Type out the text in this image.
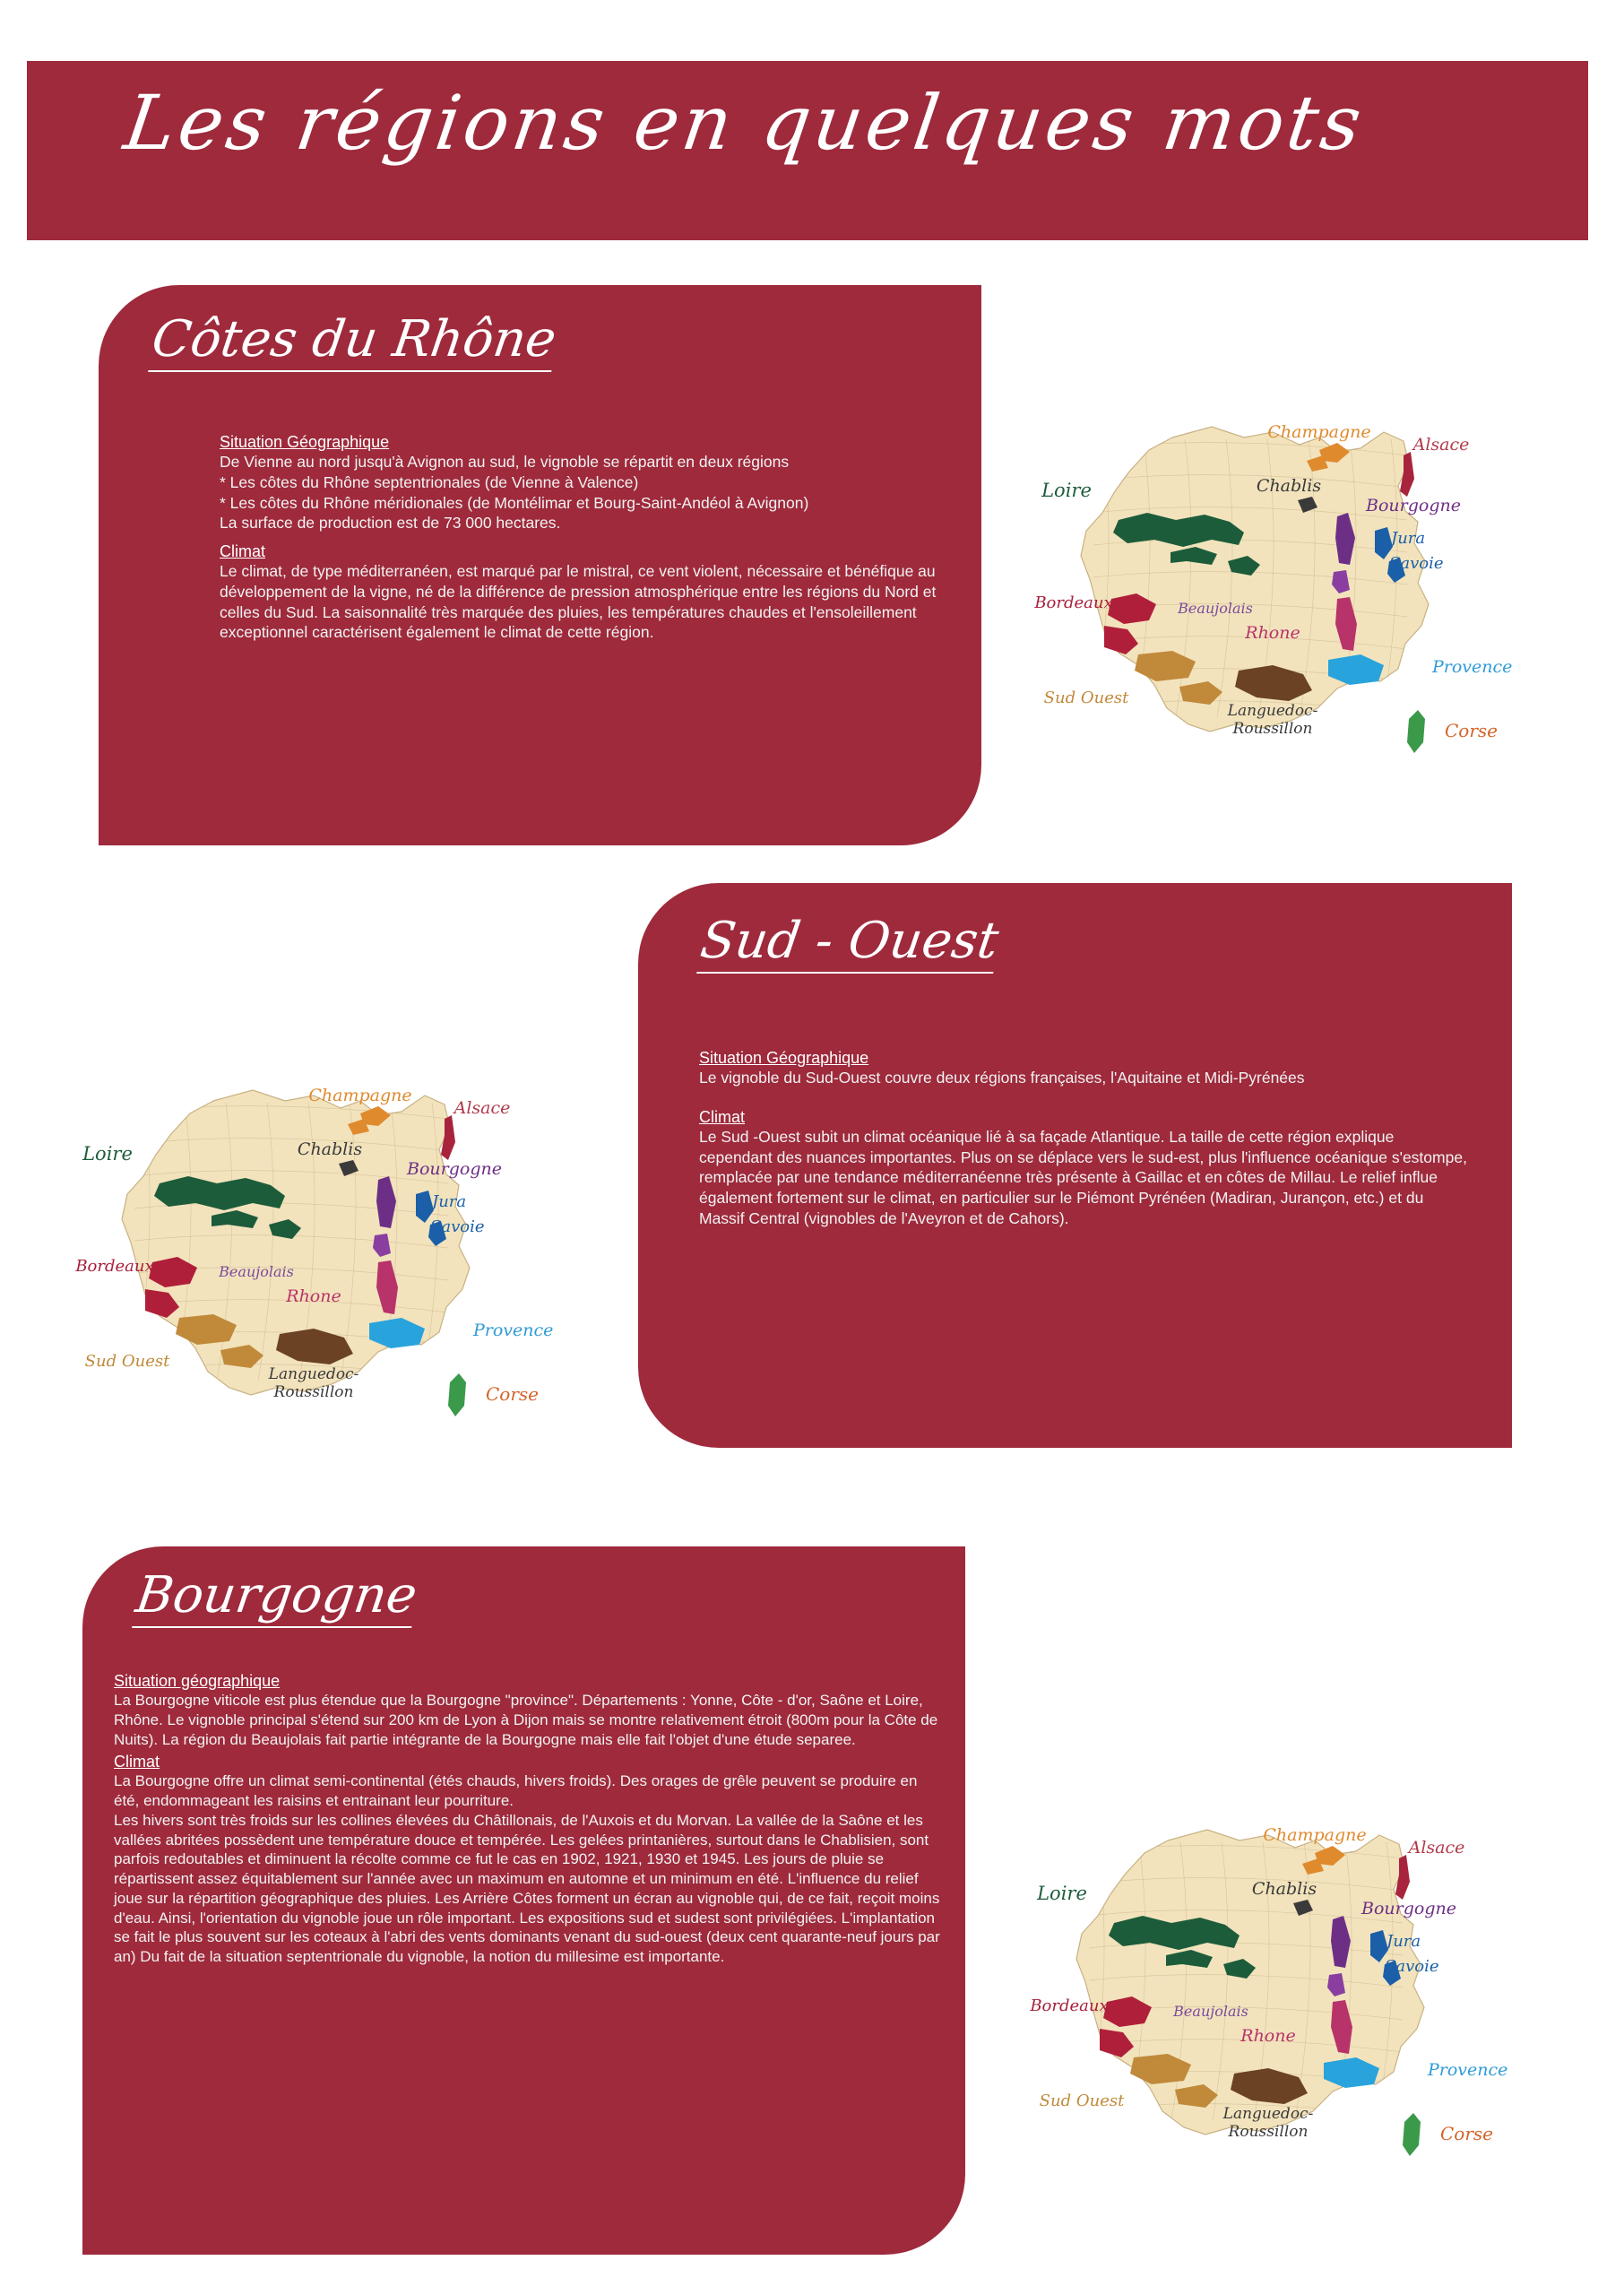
Les régions en quelques mots
Côtes du Rhône
Situation Géographique

De Vienne au nord jusqu'à Avignon au sud, le vignoble se répartit en deux régions

* Les côtes du Rhône septentrionales (de Vienne à Valence)

* Les côtes du Rhône méridionales (de Montélimar et Bourg-Saint-Andéol à Avignon)

La surface de production est de 73 000 hectares.

Climat

Le climat, de type méditerranéen, est marqué par le mistral, ce vent violent, nécessaire et bénéfique au développement de la vigne, né de la différence de pression atmosphérique entre les régions du Nord et celles du Sud. La saisonnalité très marquée des pluies, les températures chaudes et l'ensoleillement exceptionnel caractérisent également le climat de cette région.

Champagne
Alsace
Chablis
Loire
Bourgogne
Jura
Savoie
Bordeaux	Beaujolais
Rhone
Sud Ouest
Languedoc-Roussillon
Provence
Corse
Sud - Ouest
Situation Géographique

Le vignoble du Sud-Ouest couvre deux régions françaises, l'Aquitaine et Midi-Pyrénées

Climat

Le Sud -Ouest subit un climat océanique lié à sa façade Atlantique. La taille de cette région explique cependant des nuances importantes. Plus on se déplace vers le sud-est, plus l'influence océanique s'estompe, remplacée par une tendance méditerranéenne très présente à Gaillac et en côtes de Millau. Le relief influe également fortement sur le climat, en particulier sur le Piémont Pyrénéen (Madiran, Jurançon, etc.) et du Massif Central (vignobles de l'Aveyron et de Cahors).

Champagne
Alsace
Chablis
Loire
Bourgogne
Jura
Savoie
Bordeaux	Beaujolais
Rhone
Sud Ouest
Languedoc-Roussillon
Provence
Corse
Bourgogne
Situation géographique

La Bourgogne viticole est plus étendue que la Bourgogne "province". Départements : Yonne, Côte - d'or, Saône et Loire, Rhône. Le vignoble principal s'étend sur 200 km de Lyon à Dijon mais se montre relativement étroit (800m pour la Côte de Nuits). La région du Beaujolais fait partie intégrante de la Bourgogne mais elle fait l'objet d'une étude separee.

Climat

La Bourgogne offre un climat semi-continental (étés chauds, hivers froids). Des orages de grêle peuvent se produire en été, endommageant les raisins et entrainant leur pourriture.

Les hivers sont très froids sur les collines élevées du Châtillonais, de l'Auxois et du Morvan. La vallée de la Saône et les vallées abritées possèdent une température douce et tempérée. Les gelées printanières, surtout dans le Chablisien, sont parfois redoutables et diminuent la récolte comme ce fut le cas en 1902, 1921, 1930 et 1945. Les jours de pluie se répartissent assez équitablement sur l'année avec un maximum en automne et un minimum en été. L'influence du relief joue sur la répartition géographique des pluies. Les Arrière Côtes forment un écran au vignoble qui, de ce fait, reçoit moins d'eau. Ainsi, l'orientation du vignoble joue un rôle important. Les expositions sud et sudest sont privilégiées. L'implantation se fait le plus souvent sur les coteaux à l'abri des vents dominants venant du sud-ouest (deux cent quarante-neuf jours par an) Du fait de la situation septentrionale du vignoble, la notion du millesime est importante.

Champagne
Alsace
Chablis
Loire
Bourgogne
Jura
Savoie
Bordeaux	Beaujolais
Rhone
Sud Ouest
Languedoc-Roussillon
Provence
Corse
